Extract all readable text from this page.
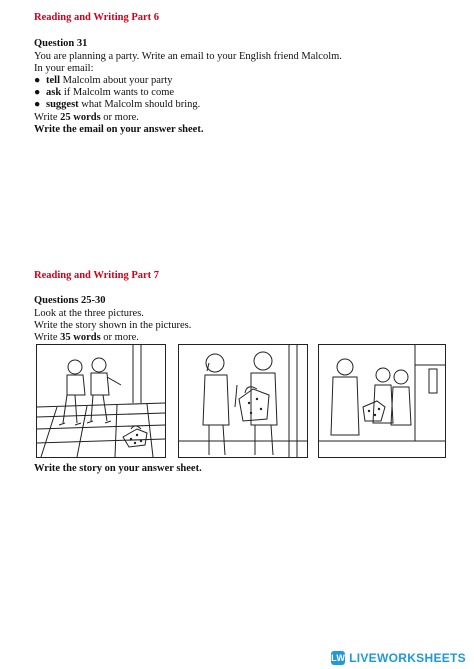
Reading and Writing Part 6
Question 31
You are planning a party. Write an email to your English friend Malcolm.
In your email:
● tell Malcolm about your party
● ask if Malcolm wants to come
● suggest what Malcolm should bring.
Write 25 words or more.
Write the email on your answer sheet.
Reading and Writing Part 7
Questions 25-30
Look at the three pictures.
Write the story shown in the pictures.
Write 35 words or more.
Write the story on your answer sheet.
LW LIVEWORKSHEETS
